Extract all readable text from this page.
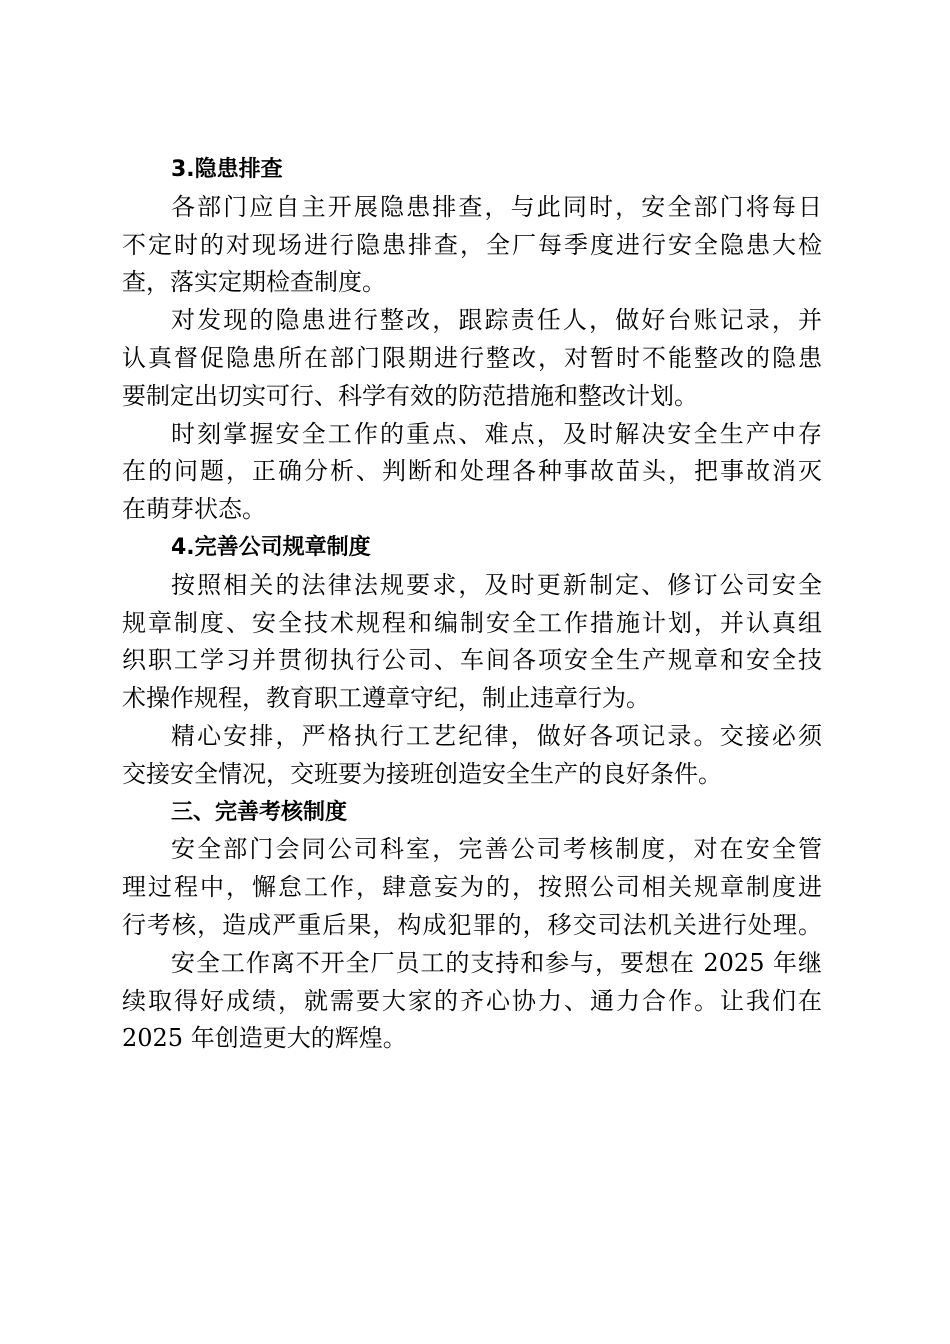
3.隐患排查
各部门应自主开展隐患排查，与此同时，安全部门将每日
不定时的对现场进行隐患排查，全厂每季度进行安全隐患大检
查，落实定期检查制度。
对发现的隐患进行整改，跟踪责任人，做好台账记录，并
认真督促隐患所在部门限期进行整改，对暂时不能整改的隐患
要制定出切实可行、科学有效的防范措施和整改计划。
时刻掌握安全工作的重点、难点，及时解决安全生产中存
在的问题，正确分析、判断和处理各种事故苗头，把事故消灭
在萌芽状态。
4.完善公司规章制度
按照相关的法律法规要求，及时更新制定、修订公司安全
规章制度、安全技术规程和编制安全工作措施计划，并认真组
织职工学习并贯彻执行公司、车间各项安全生产规章和安全技
术操作规程，教育职工遵章守纪，制止违章行为。
精心安排，严格执行工艺纪律，做好各项记录。交接必须
交接安全情况，交班要为接班创造安全生产的良好条件。
三、完善考核制度
安全部门会同公司科室，完善公司考核制度，对在安全管
理过程中，懈怠工作，肆意妄为的，按照公司相关规章制度进
行考核，造成严重后果，构成犯罪的，移交司法机关进行处理。
安全工作离不开全厂员工的支持和参与，要想在 2025 年继
续取得好成绩，就需要大家的齐心协力、通力合作。让我们在
2025 年创造更大的辉煌。
